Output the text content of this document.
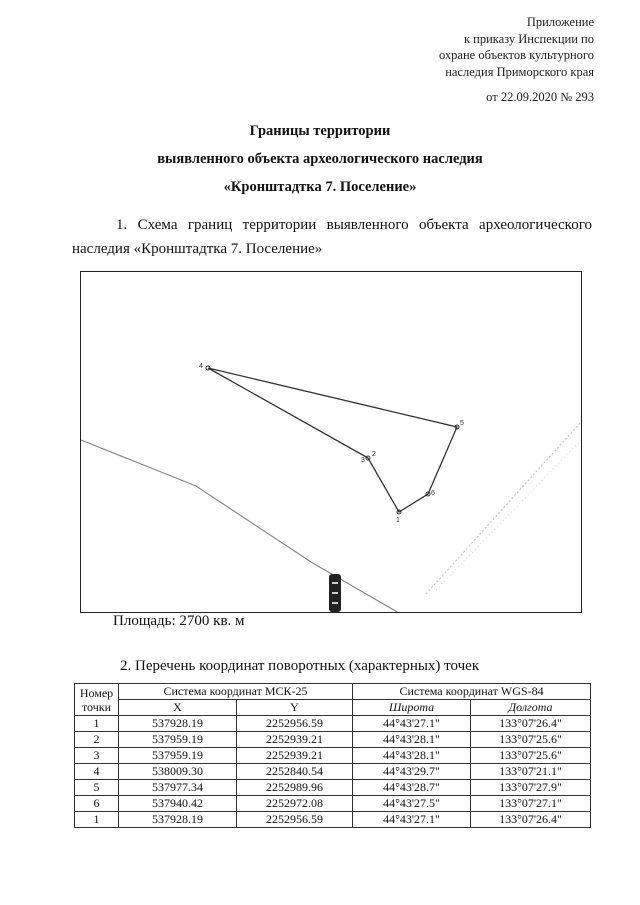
Приложение
к приказу Инспекции по
охране объектов культурного
наследия Приморского края
от 22.09.2020 № 293
Границы территории
выявленного объекта археологического наследия
«Кронштадтка 7. Поселение»
1. Схема границ территории выявленного объекта археологического наследия «Кронштадтка 7. Поселение»
4
5
6
1
3
2
Площадь: 2700 кв. м
2. Перечень координат поворотных (характерных) точек
Номер
точки	Система координат МСК-25		Система координат WGS-84	
	X	Y	Широта	Долгота
1	537928.19	2252956.59	44°43'27.1"	133°07'26.4"
2	537959.19	2252939.21	44°43'28.1"	133°07'25.6"
3	537959.19	2252939.21	44°43'28.1"	133°07'25.6"
4	538009.30	2252840.54	44°43'29.7"	133°07'21.1"
5	537977.34	2252989.96	44°43'28.7"	133°07'27.9"
6	537940.42	2252972.08	44°43'27.5"	133°07'27.1"
1	537928.19	2252956.59	44°43'27.1"	133°07'26.4"
